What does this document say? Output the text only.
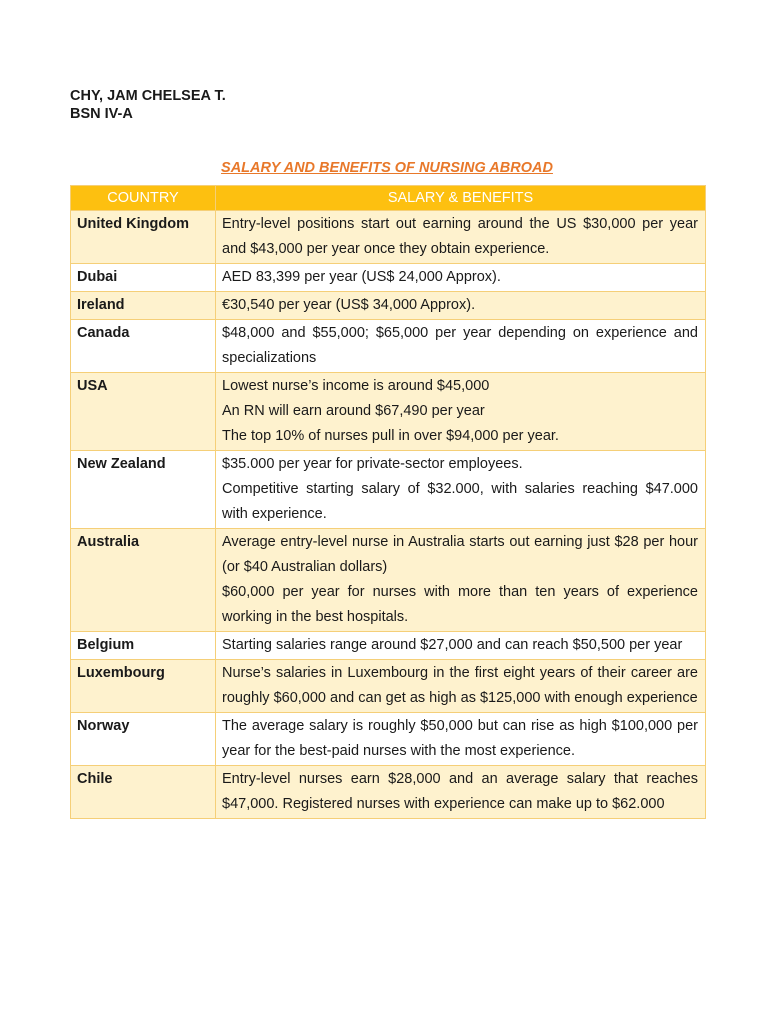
CHY, JAM CHELSEA T.
BSN IV-A
SALARY AND BENEFITS OF NURSING ABROAD
COUNTRY	SALARY & BENEFITS
United Kingdom	Entry-level positions start out earning around the US $30,000 per year and $43,000 per year once they obtain experience.

Dubai	AED 83,399 per year (US$ 24,000 Approx).

Ireland	€30,540 per year (US$ 34,000 Approx).

Canada	$48,000 and $55,000; $65,000 per year depending on experience and specializations

USA	Lowest nurse’s income is around $45,000
An RN will earn around $67,490 per year
The top 10% of nurses pull in over $94,000 per year.

New Zealand	$35.000 per year for private-sector employees.
Competitive starting salary of $32.000, with salaries reaching $47.000 with experience.

Australia	Average entry-level nurse in Australia starts out earning just $28 per hour (or $40 Australian dollars)
$60,000 per year for nurses with more than ten years of experience working in the best hospitals.

Belgium	Starting salaries range around $27,000 and can reach $50,500 per year

Luxembourg	Nurse’s salaries in Luxembourg in the first eight years of their career are roughly $60,000 and can get as high as $125,000 with enough experience

Norway	The average salary is roughly $50,000 but can rise as high $100,000 per year for the best-paid nurses with the most experience.

Chile	Entry-level nurses earn $28,000 and an average salary that reaches $47,000. Registered nurses with experience can make up to $62.000
